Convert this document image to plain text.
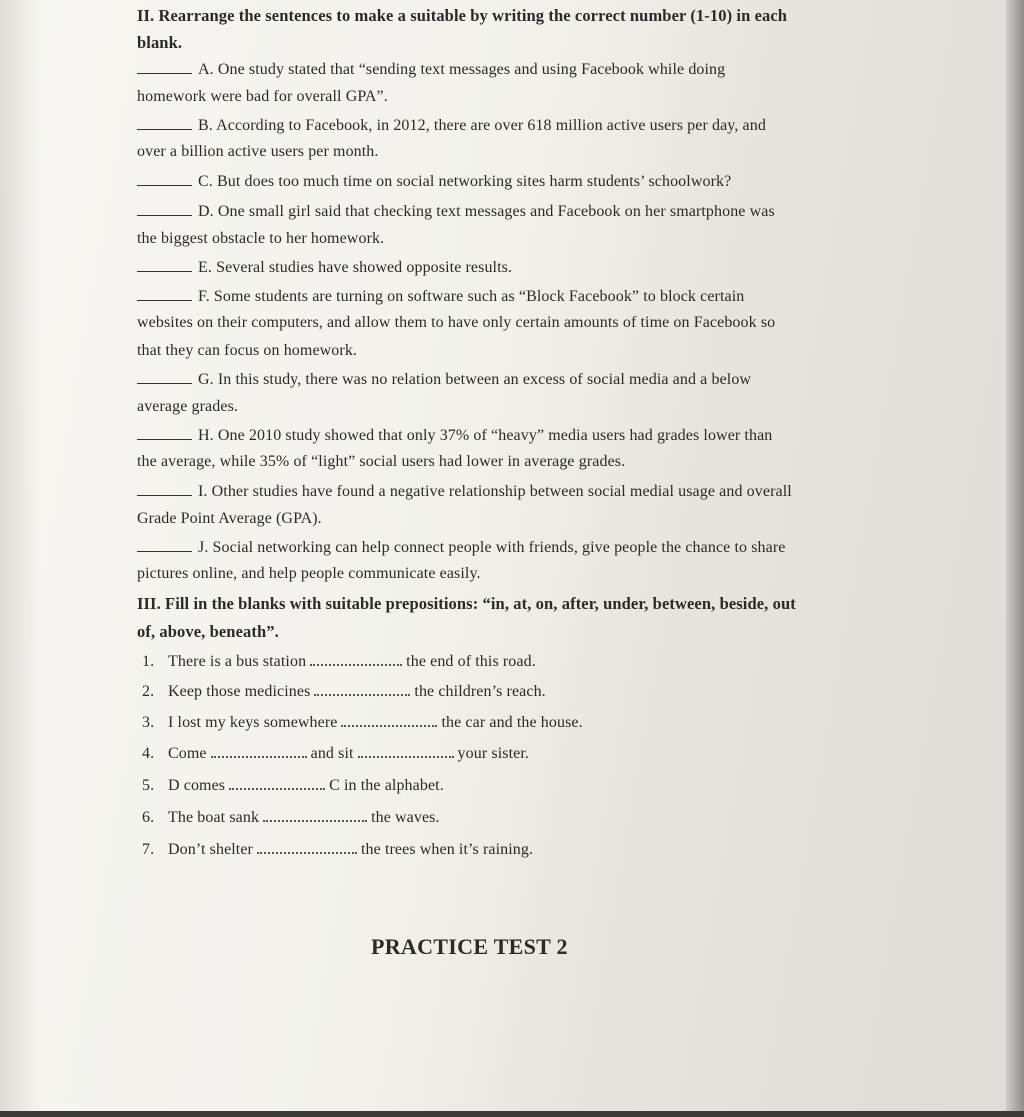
II. Rearrange the sentences to make a suitable by writing the correct number (1-10) in each
blank.
A. One study stated that “sending text messages and using Facebook while doing
homework were bad for overall GPA”.
B. According to Facebook, in 2012, there are over 618 million active users per day, and
over a billion active users per month.
C. But does too much time on social networking sites harm students’ schoolwork?
D. One small girl said that checking text messages and Facebook on her smartphone was
the biggest obstacle to her homework.
E. Several studies have showed opposite results.
F. Some students are turning on software such as “Block Facebook” to block certain
websites on their computers, and allow them to have only certain amounts of time on Facebook so
that they can focus on homework.
G. In this study, there was no relation between an excess of social media and a below
average grades.
H. One 2010 study showed that only 37% of “heavy” media users had grades lower than
the average, while 35% of “light” social users had lower in average grades.
I. Other studies have found a negative relationship between social medial usage and overall
Grade Point Average (GPA).
J. Social networking can help connect people with friends, give people the chance to share
pictures online, and help people communicate easily.
III. Fill in the blanks with suitable prepositions: “in, at, on, after, under, between, beside, out
of, above, beneath”.
1. There is a bus station	the end of this road.
2. Keep those medicines	the children’s reach.
3. I lost my keys somewhere	the car and the house.
4. Come	and sit	your sister.
5. D comes	C in the alphabet.
6. The boat sank	the waves.
7. Don’t shelter	the trees when it’s raining.
PRACTICE TEST 2
